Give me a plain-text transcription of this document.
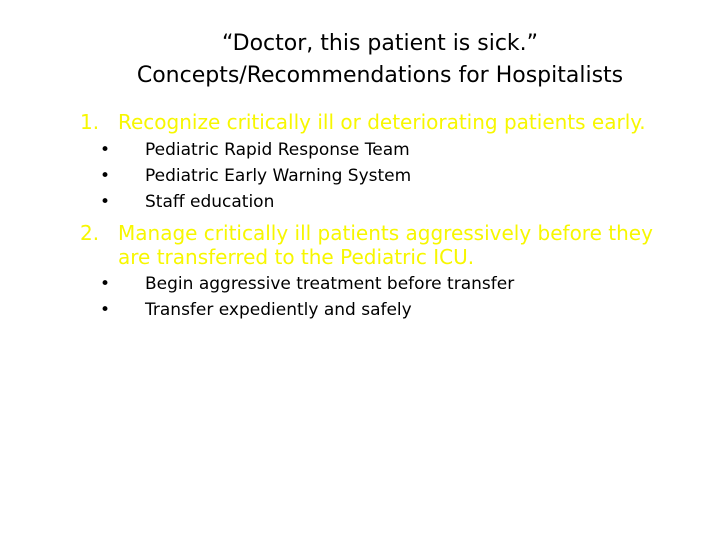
“Doctor, this patient is sick.”
Concepts/Recommendations for Hospitalists
1. Recognize critically ill or deteriorating patients early.
•	Pediatric Rapid Response Team
•	Pediatric Early Warning System
•	Staff education
2. Manage critically ill patients aggressively before they are transferred to the Pediatric ICU.
•	Begin aggressive treatment before transfer
•	Transfer expediently and safely
